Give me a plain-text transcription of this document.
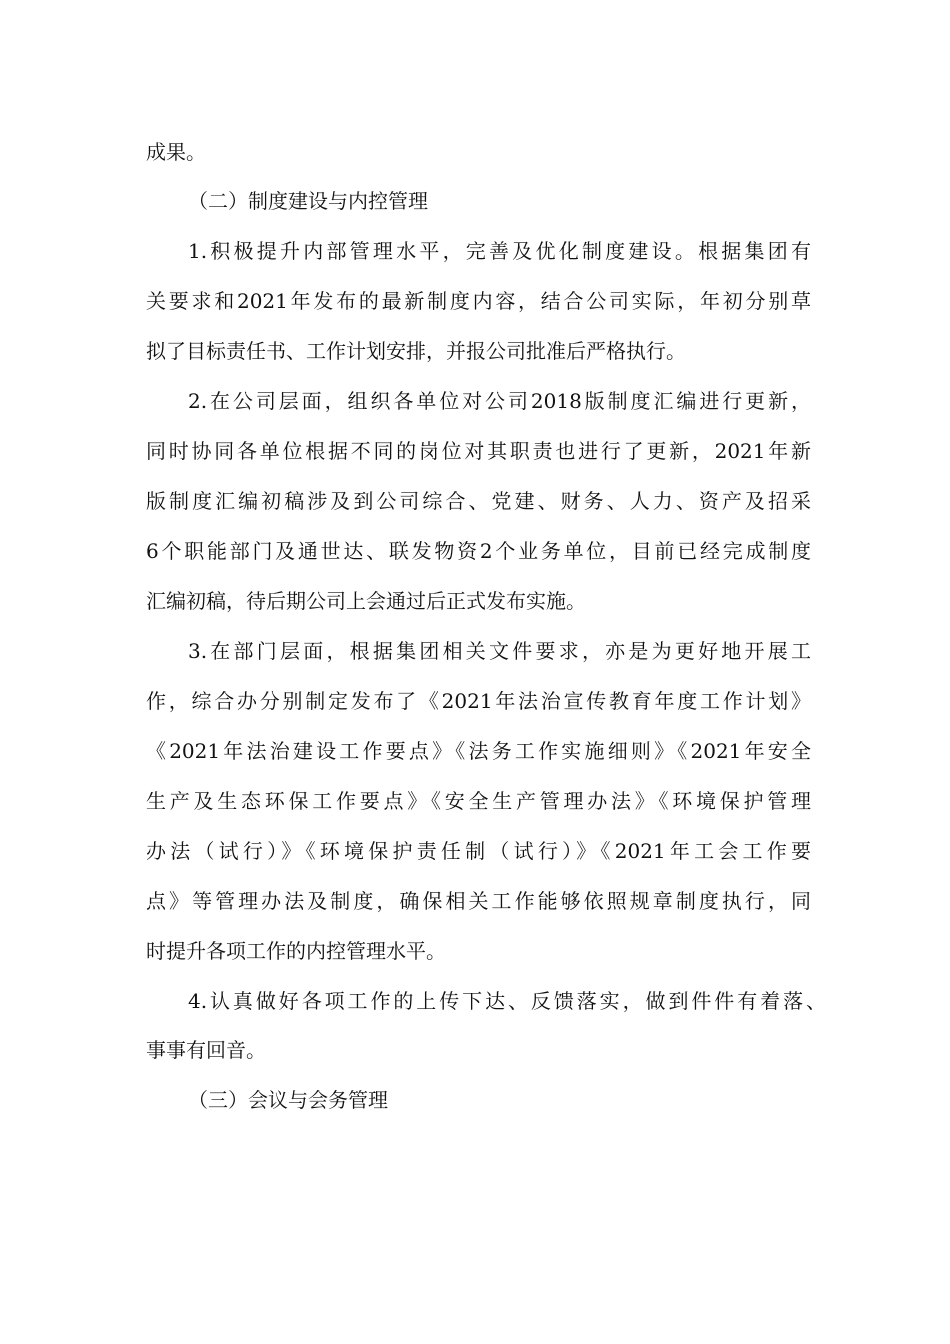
成果。
（二）制度建设与内控管理
1.积极提升内部管理水平，完善及优化制度建设。根据集团有
关要求和2021年发布的最新制度内容，结合公司实际，年初分别草
拟了目标责任书、工作计划安排，并报公司批准后严格执行。
2.在公司层面，组织各单位对公司2018版制度汇编进行更新，
同时协同各单位根据不同的岗位对其职责也进行了更新，2021年新
版制度汇编初稿涉及到公司综合、党建、财务、人力、资产及招采
6个职能部门及通世达、联发物资2个业务单位，目前已经完成制度
汇编初稿，待后期公司上会通过后正式发布实施。
3.在部门层面，根据集团相关文件要求，亦是为更好地开展工
作，综合办分别制定发布了《2021年法治宣传教育年度工作计划》
《2021年法治建设工作要点》《法务工作实施细则》《2021年安全
生产及生态环保工作要点》《安全生产管理办法》《环境保护管理
办法（试行）》《环境保护责任制（试行）》《2021年工会工作要
点》等管理办法及制度，确保相关工作能够依照规章制度执行，同
时提升各项工作的内控管理水平。
4.认真做好各项工作的上传下达、反馈落实，做到件件有着落、
事事有回音。
（三）会议与会务管理
